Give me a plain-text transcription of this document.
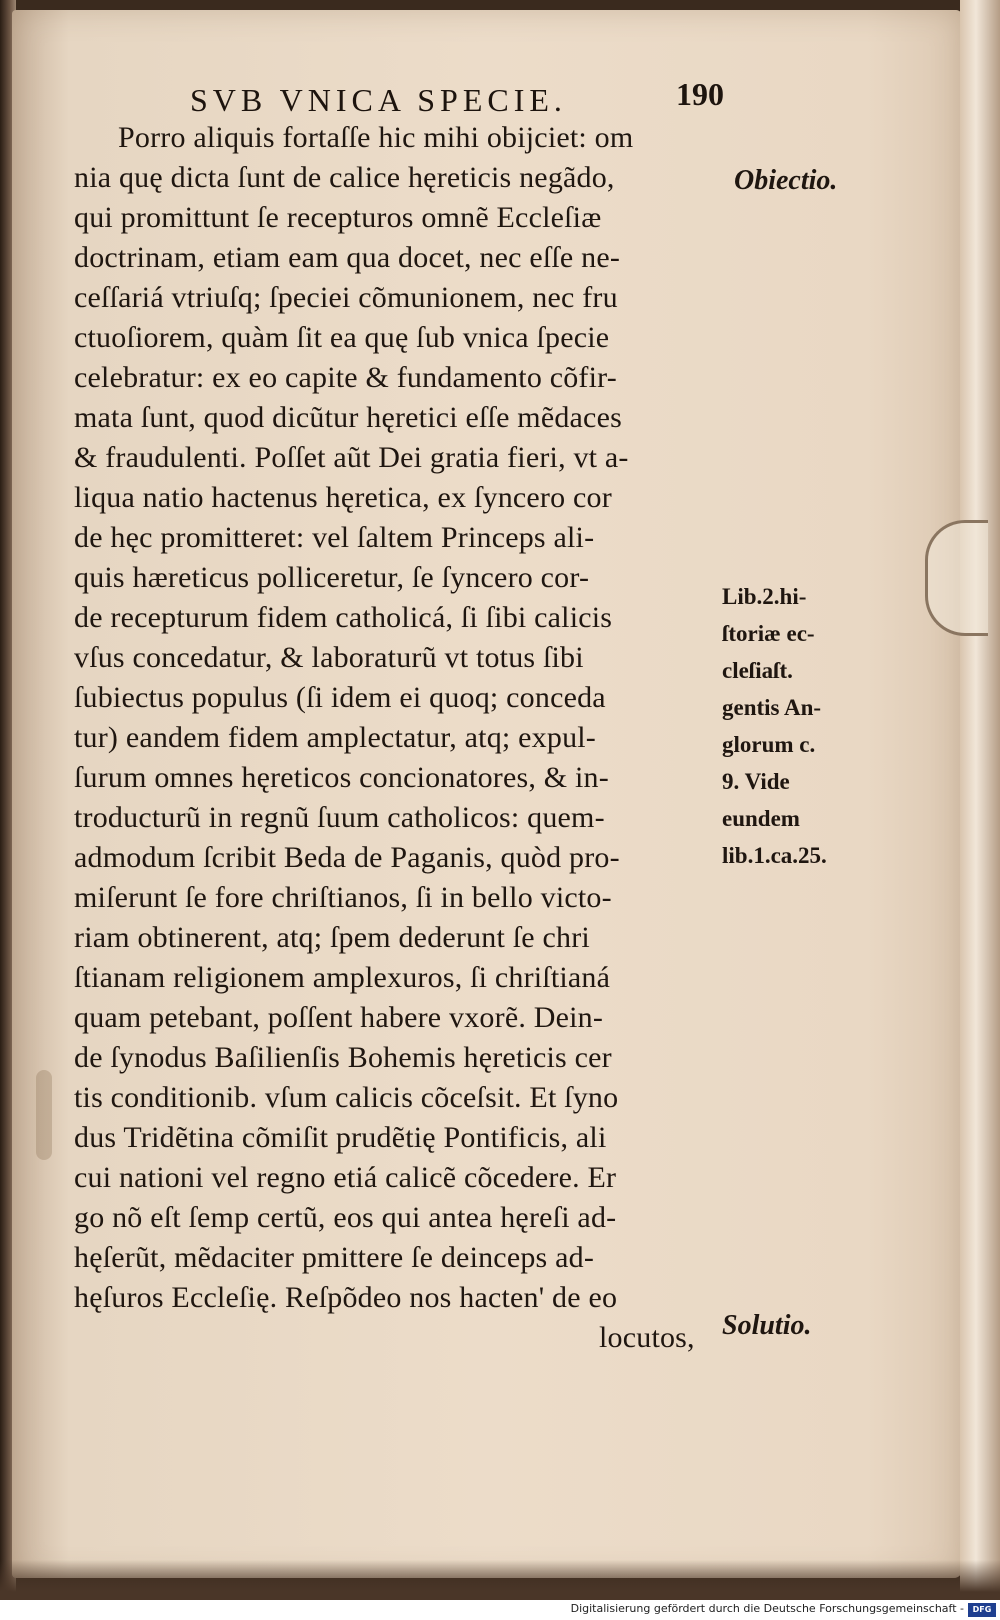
SVB VNICA SPECIE.	190
Porro aliquis fortaſſe hic mihi obijciet: om
nia quę dicta ſunt de calice hęreticis negãdo,
qui promittunt ſe recepturos omnẽ Eccleſiæ
doctrinam, etiam eam qua docet, nec eſſe ne-
ceſſariá vtriuſq; ſpeciei cõmunionem, nec fru
ctuoſiorem, quàm ſit ea quę ſub vnica ſpecie
celebratur: ex eo capite & fundamento cõfir-
mata ſunt, quod dicũtur hęretici eſſe mẽdaces
& fraudulenti. Poſſet aũt Dei gratia fieri, vt a-
liqua natio hactenus hęretica, ex ſyncero cor
de hęc promitteret: vel ſaltem Princeps ali-
quis hæreticus polliceretur, ſe ſyncero cor-
de recepturum fidem catholicá, ſi ſibi calicis
vſus concedatur, & laboraturũ vt totus ſibi
ſubiectus populus (ſi idem ei quoq; conceda
tur) eandem fidem amplectatur, atq; expul-
ſurum omnes hęreticos concionatores, & in-
troducturũ in regnũ ſuum catholicos: quem-
admodum ſcribit Beda de Paganis, quòd pro-
miſerunt ſe fore chriſtianos, ſi in bello victo-
riam obtinerent, atq; ſpem dederunt ſe chri
ſtianam religionem amplexuros, ſi chriſtianá
quam petebant, poſſent habere vxorẽ. Dein-
de ſynodus Baſilienſis Bohemis hęreticis cer
tis conditionib. vſum calicis cõceſsit. Et ſyno
dus Tridẽtina cõmiſit prudẽtię Pontificis, ali
cui nationi vel regno etiá calicẽ cõcedere. Er
go nõ eſt ſemp certũ, eos qui antea hęreſi ad-
hęſerũt, mẽdaciter pmittere ſe deinceps ad-
hęſuros Eccleſię. Reſpõdeo nos hacten' de eo
locutos,
Obiectio.
Solutio.
Lib.2.hi-
ſtoriæ ec-
cleſiaſt.
gentis An-
glorum c.
9. Vide
eundem
lib.1.ca.25.
Digitalisierung gefördert durch die Deutsche Forschungsgemeinschaft -	DFG
